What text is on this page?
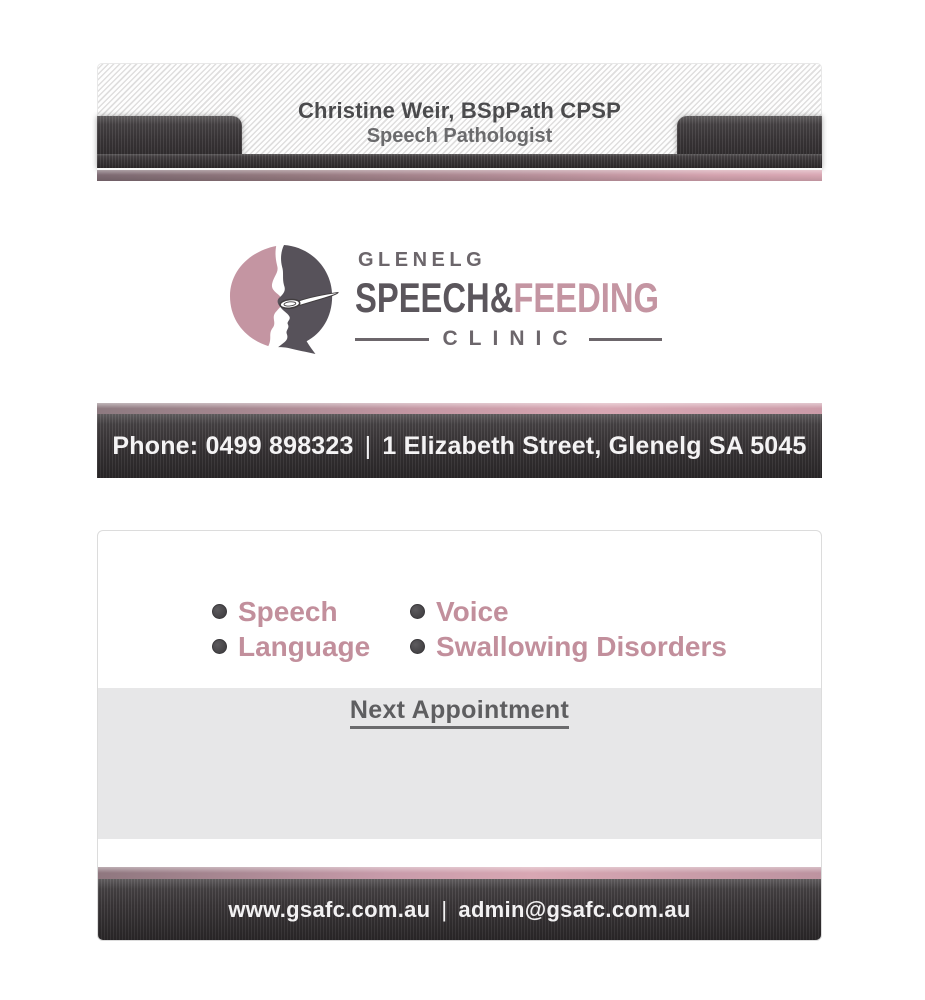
Christine Weir, BSpPath CPSP
Speech Pathologist
GLENELG
SPEECH&FEEDING
CLINIC
Phone: 0499 898323 | 1 Elizabeth Street, Glenelg SA 5045
Speech	Voice
Language Swallowing Disorders
Next Appointment
www.gsafc.com.au | admin@gsafc.com.au
